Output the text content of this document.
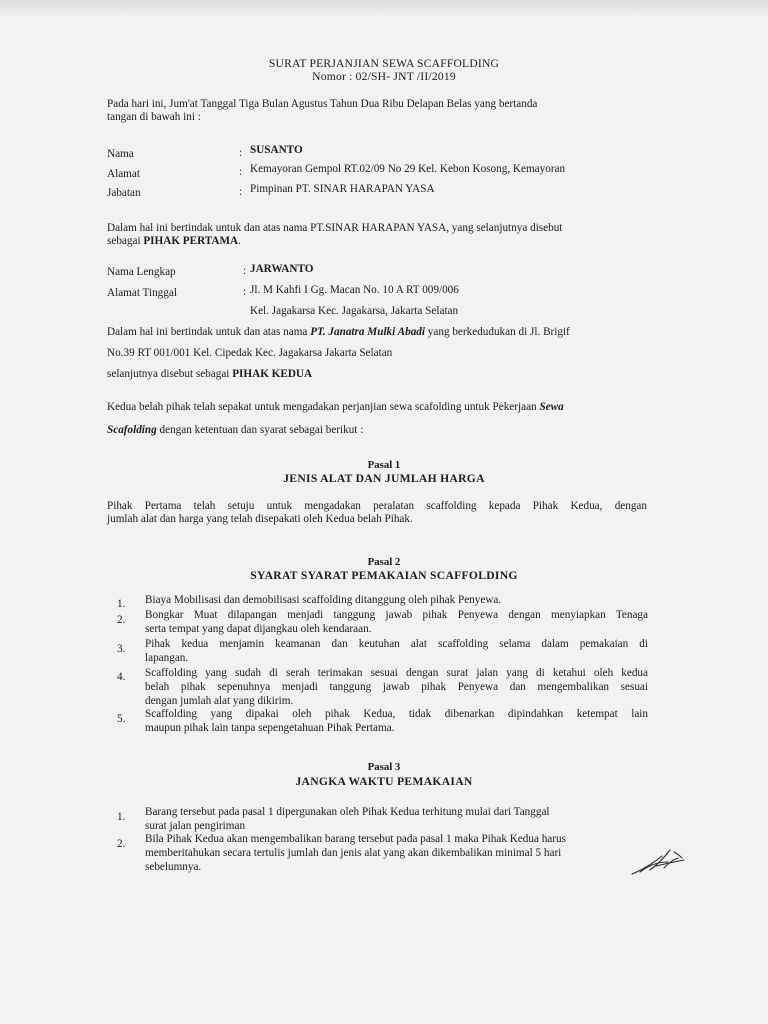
SURAT PERJANJIAN SEWA SCAFFOLDING
Nomor : 02/SH- JNT /II/2019
Pada hari ini, Jum'at Tanggal Tiga Bulan Agustus Tahun Dua Ribu Delapan Belas yang bertanda
tangan di bawah ini :
Nama	: SUSANTO
Alamat	: Kemayoran Gempol RT.02/09 No 29 Kel. Kebon Kosong, Kemayoran
Jabatan	: Pimpinan PT. SINAR HARAPAN YASA
Dalam hal ini bertindak untuk dan atas nama PT.SINAR HARAPAN YASA, yang selanjutnya disebut
sebagai PIHAK PERTAMA.
Nama Lengkap	: JARWANTO
Alamat Tinggal	: Jl. M Kahfi I Gg. Macan No. 10 A RT 009/006
Kel. Jagakarsa Kec. Jagakarsa, Jakarta Selatan
Dalam hal ini bertindak untuk dan atas nama PT. Janatra Mulki Abadi yang berkedudukan di Jl. Brigif
No.39 RT 001/001 Kel. Cipedak Kec. Jagakarsa Jakarta Selatan
selanjutnya disebut sebagai PIHAK KEDUA
Kedua belah pihak telah sepakat untuk mengadakan perjanjian sewa scafolding untuk Pekerjaan Sewa
Scafolding dengan ketentuan dan syarat sebagai berikut :
Pasal 1
JENIS ALAT DAN JUMLAH HARGA
Pihak Pertama telah setuju untuk mengadakan peralatan scaffolding kepada Pihak Kedua, dengan
jumlah alat dan harga yang telah disepakati oleh Kedua belah Pihak.
Pasal 2
SYARAT SYARAT PEMAKAIAN SCAFFOLDING
1. Biaya Mobilisasi dan demobilisasi scaffolding ditanggung oleh pihak Penyewa.
2. Bongkar Muat dilapangan menjadi tanggung jawab pihak Penyewa dengan menyiapkan Tenaga
serta tempat yang dapat dijangkau oleh kendaraan.
3. Pihak kedua menjamin keamanan dan keutuhan alat scaffolding selama dalam pemakaian di
lapangan.
4. Scaffolding yang sudah di serah terimakan sesuai dengan surat jalan yang di ketahui oleh kedua
belah pihak sepenuhnya menjadi tanggung jawab pihak Penyewa dan mengembalikan sesuai
dengan jumlah alat yang dikirim.
5. Scaffolding yang dipakai oleh pihak Kedua, tidak dibenarkan dipindahkan ketempat lain
maupun pihak lain tanpa sepengetahuan Pihak Pertama.
Pasal 3
JANGKA WAKTU PEMAKAIAN
1. Barang tersebut pada pasal 1 dipergunakan oleh Pihak Kedua terhitung mulai dari Tanggal
surat jalan pengiriman
2. Bila Pihak Kedua akan mengembalikan barang tersebut pada pasal 1 maka Pihak Kedua harus
memberitahukan secara tertulis jumlah dan jenis alat yang akan dikembalikan minimal 5 hari
sebelumnya.
